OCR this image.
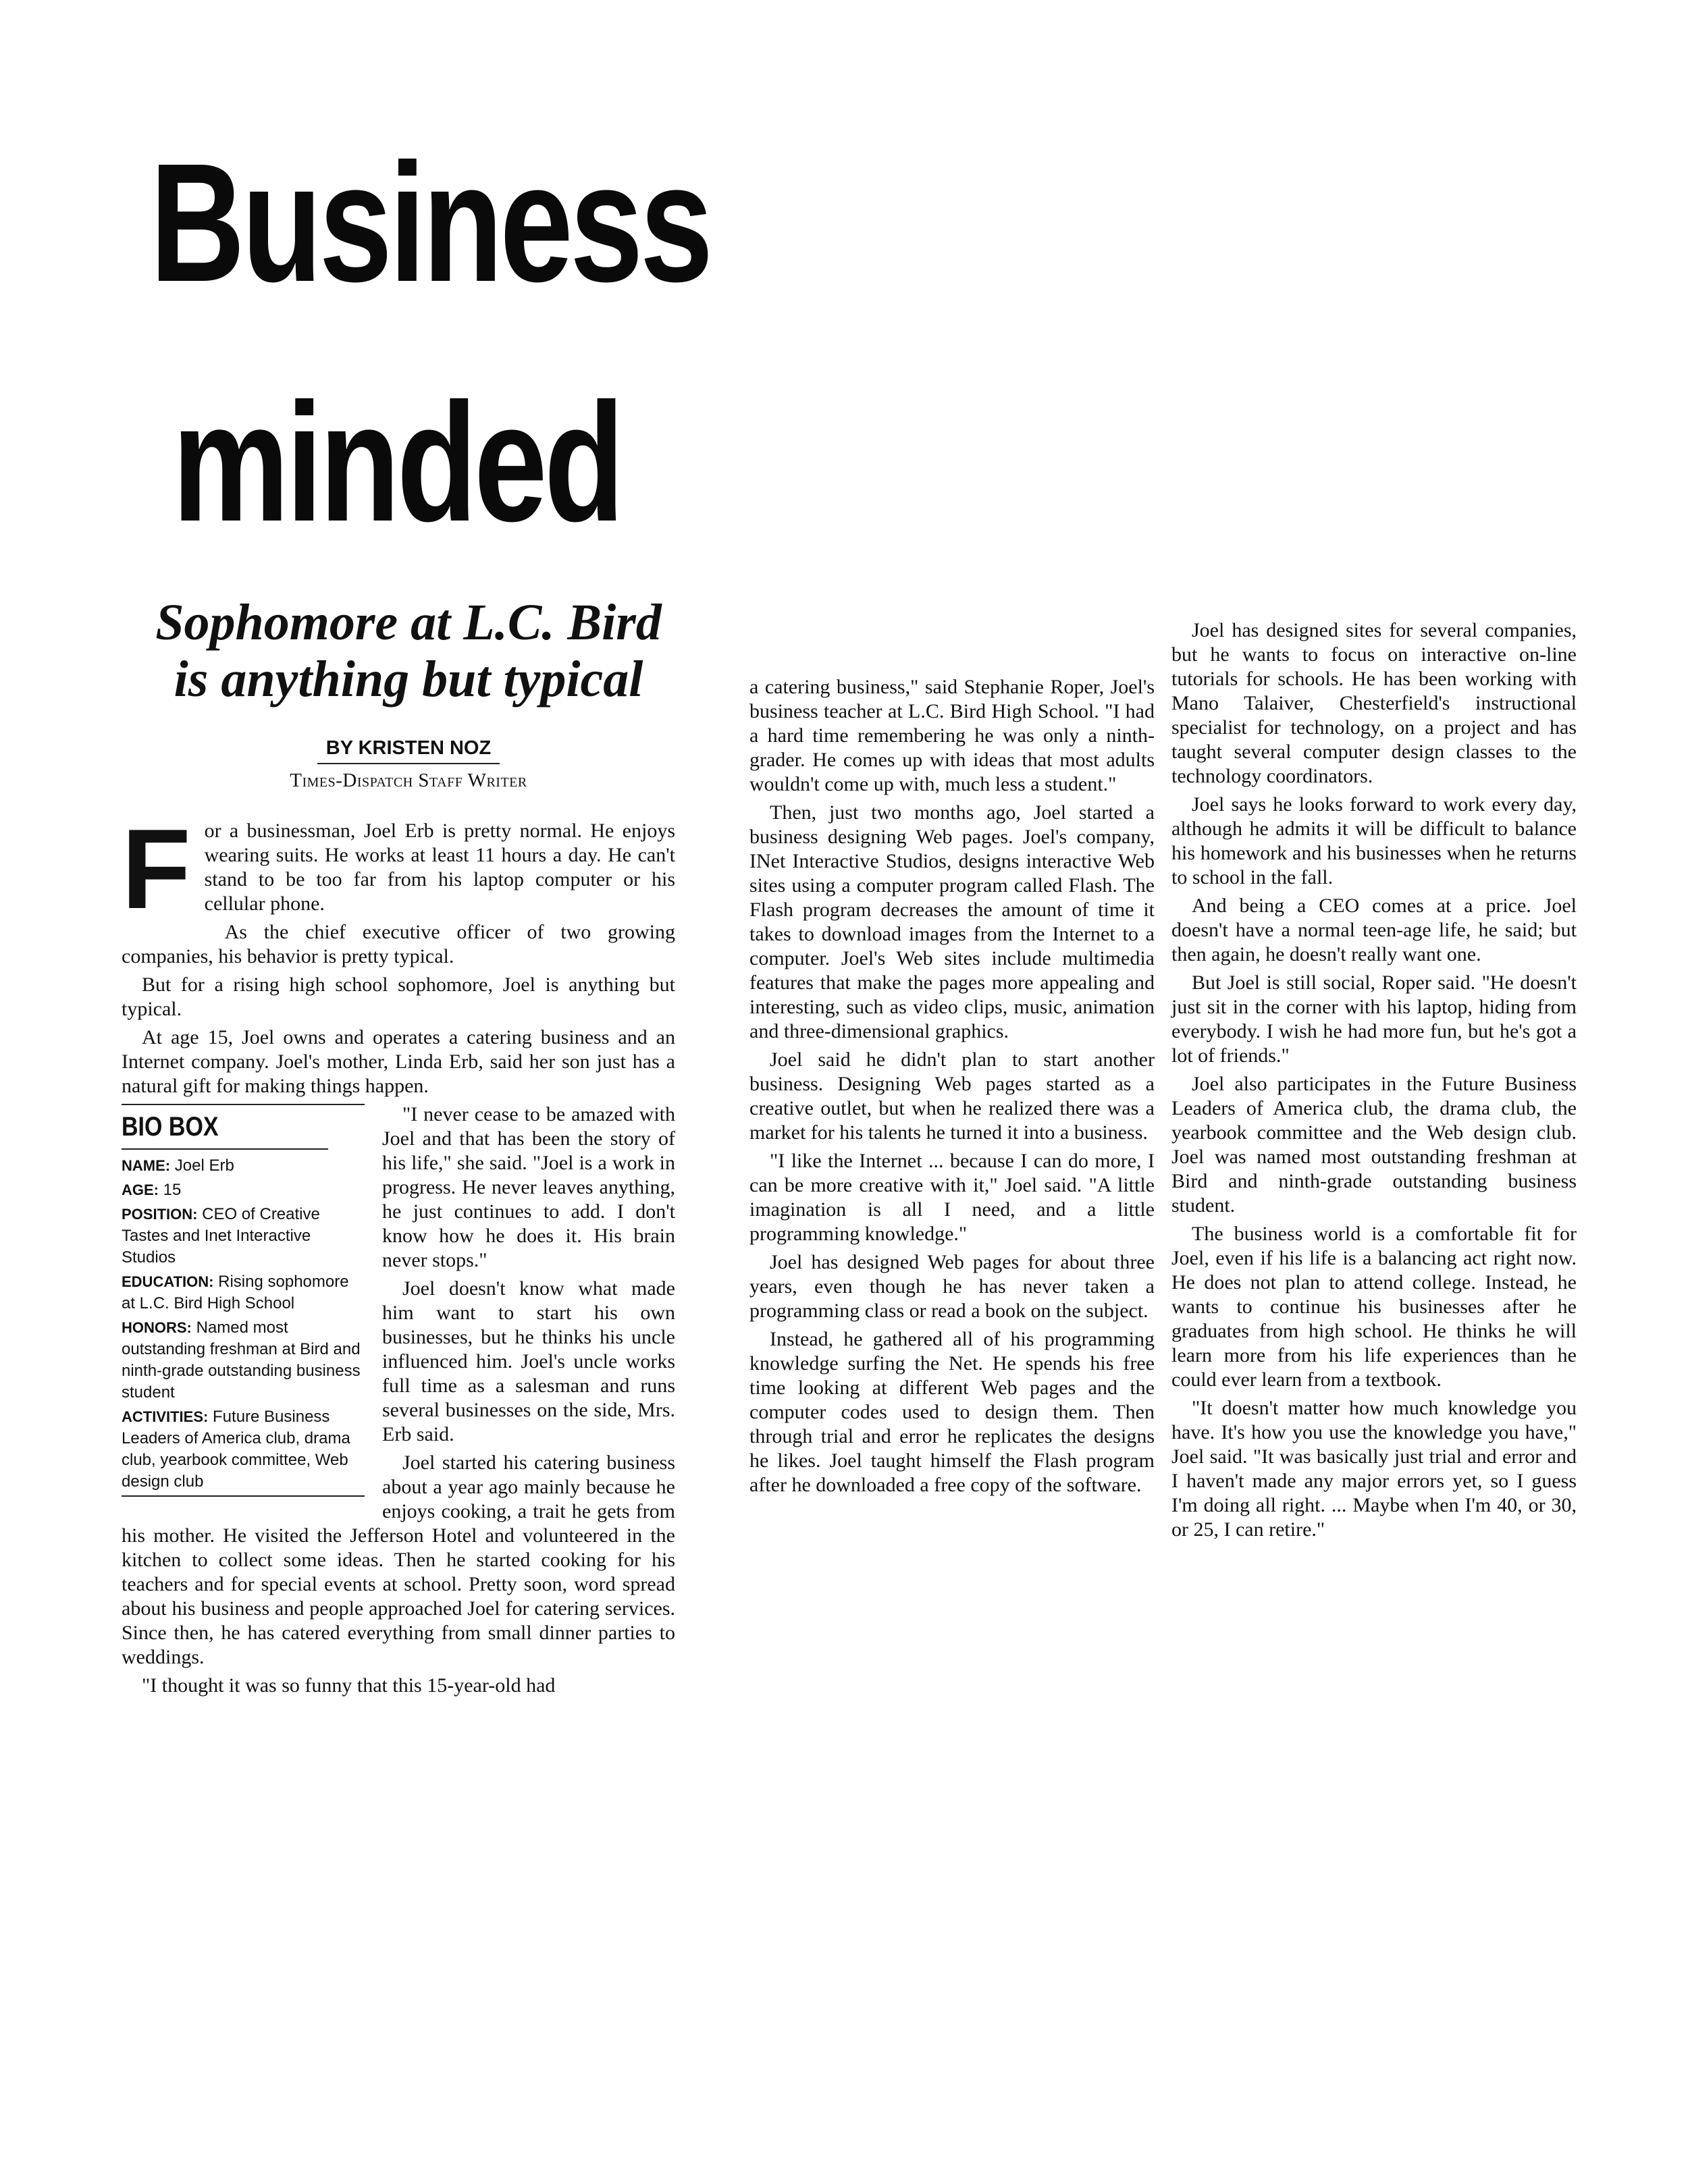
Business
minded
Sophomore at L.C. Bird
is anything but typical
BY KRISTEN NOZ
Times-Dispatch Staff Writer
F or a businessman, Joel Erb is pretty normal. He enjoys wearing suits. He works at least 11 hours a day. He can't stand to be too far from his laptop computer or his cellular phone.

As the chief executive officer of two growing companies, his behavior is pretty typical.

But for a rising high school sophomore, Joel is anything but typical.

At age 15, Joel owns and operates a catering business and an Internet company. Joel's mother, Linda Erb, said her son just has a natural gift for making things happen.

BIO BOX
NAME: Joel Erb
AGE: 15
POSITION: CEO of Creative Tastes and Inet Interactive Studios
EDUCATION: Rising sophomore at L.C. Bird High School
HONORS: Named most outstanding freshman at Bird and ninth-grade outstanding business student
ACTIVITIES: Future Business Leaders of America club, drama club, yearbook committee, Web design club

"I never cease to be amazed with Joel and that has been the story of his life," she said. "Joel is a work in progress. He never leaves anything, he just continues to add. I don't know how he does it. His brain never stops."

Joel doesn't know what made him want to start his own businesses, but he thinks his uncle influenced him. Joel's uncle works full time as a salesman and runs several businesses on the side, Mrs. Erb said.

Joel started his catering business about a year ago mainly because he enjoys cooking, a trait he gets from his mother. He visited the Jefferson Hotel and volunteered in the kitchen to collect some ideas. Then he started cooking for his teachers and for special events at school. Pretty soon, word spread about his business and people approached Joel for catering services. Since then, he has catered everything from small dinner parties to weddings.

"I thought it was so funny that this 15-year-old had

a catering business," said Stephanie Roper, Joel's business teacher at L.C. Bird High School. "I had a hard time remembering he was only a ninth-grader. He comes up with ideas that most adults wouldn't come up with, much less a student."

Then, just two months ago, Joel started a business designing Web pages. Joel's company, INet Interactive Studios, designs interactive Web sites using a computer program called Flash. The Flash program decreases the amount of time it takes to download images from the Internet to a computer. Joel's Web sites include multimedia features that make the pages more appealing and interesting, such as video clips, music, animation and three-dimensional graphics.

Joel said he didn't plan to start another business. Designing Web pages started as a creative outlet, but when he realized there was a market for his talents he turned it into a business.

"I like the Internet ... because I can do more, I can be more creative with it," Joel said. "A little imagination is all I need, and a little programming knowledge."

Joel has designed Web pages for about three years, even though he has never taken a programming class or read a book on the subject.

Instead, he gathered all of his programming knowledge surfing the Net. He spends his free time looking at different Web pages and the computer codes used to design them. Then through trial and error he replicates the designs he likes. Joel taught himself the Flash program after he downloaded a free copy of the software.

Joel has designed sites for several companies, but he wants to focus on interactive on-line tutorials for schools. He has been working with Mano Talaiver, Chesterfield's instructional specialist for technology, on a project and has taught several computer design classes to the technology coordinators.

Joel says he looks forward to work every day, although he admits it will be difficult to balance his homework and his businesses when he returns to school in the fall.

And being a CEO comes at a price. Joel doesn't have a normal teen-age life, he said; but then again, he doesn't really want one.

But Joel is still social, Roper said. "He doesn't just sit in the corner with his laptop, hiding from everybody. I wish he had more fun, but he's got a lot of friends."

Joel also participates in the Future Business Leaders of America club, the drama club, the yearbook committee and the Web design club. Joel was named most outstanding freshman at Bird and ninth-grade outstanding business student.

The business world is a comfortable fit for Joel, even if his life is a balancing act right now. He does not plan to attend college. Instead, he wants to continue his businesses after he graduates from high school. He thinks he will learn more from his life experiences than he could ever learn from a textbook.

"It doesn't matter how much knowledge you have. It's how you use the knowledge you have," Joel said. "It was basically just trial and error and I haven't made any major errors yet, so I guess I'm doing all right. ... Maybe when I'm 40, or 30, or 25, I can retire."
